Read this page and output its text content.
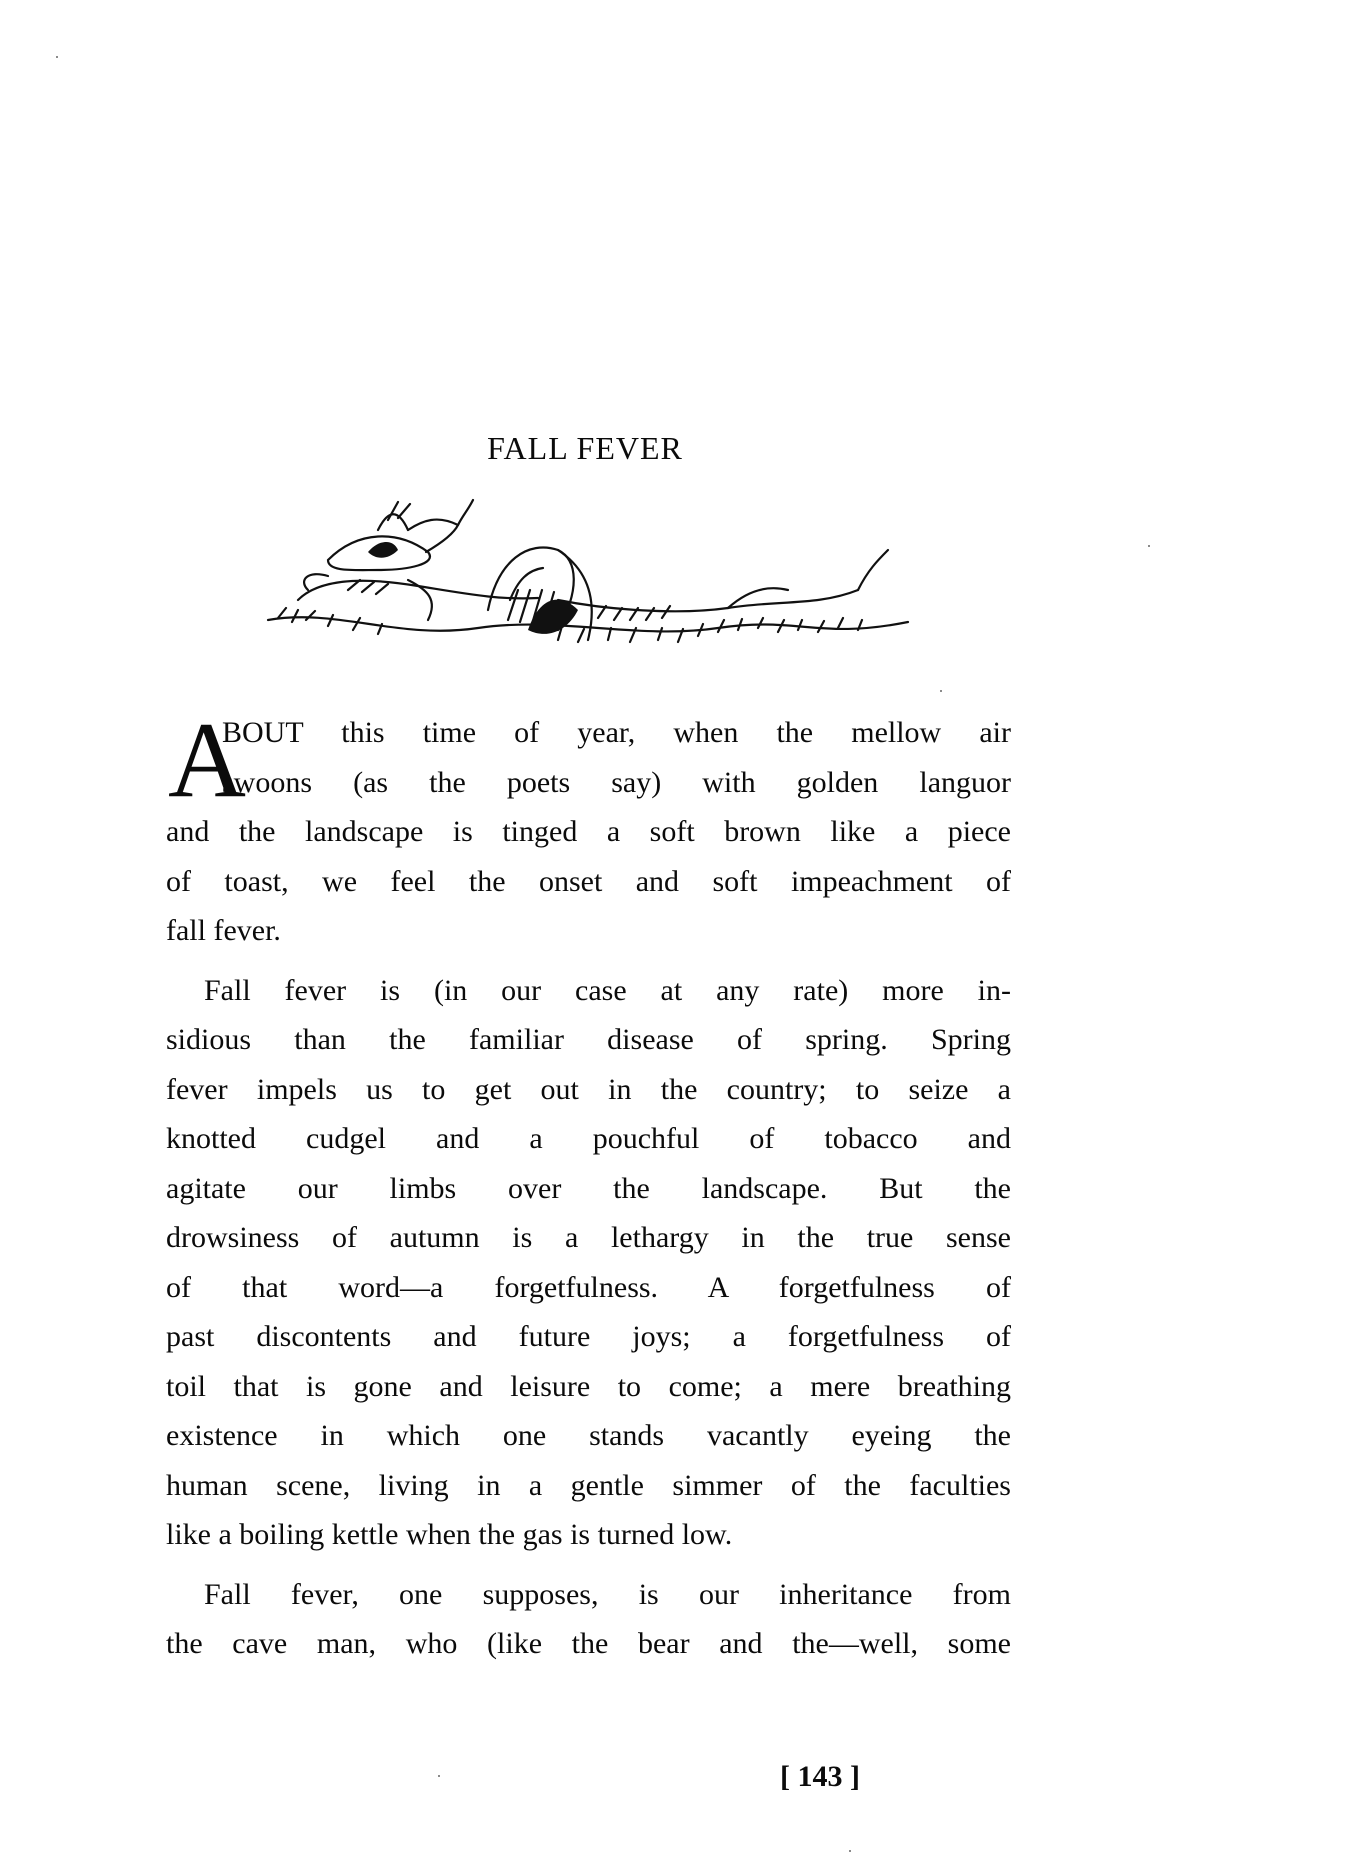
FALL FEVER
A
BOUT this time of year, when the mellow air
swoons (as the poets say) with golden languor
and the landscape is tinged a soft brown like a piece
of toast, we feel the onset and soft impeachment of
fall fever.
Fall fever is (in our case at any rate) more in-
sidious than the familiar disease of spring. Spring
fever impels us to get out in the country; to seize a
knotted cudgel and a pouchful of tobacco and
agitate our limbs over the landscape. But the
drowsiness of autumn is a lethargy in the true sense
of that word—a forgetfulness. A forgetfulness of
past discontents and future joys; a forgetfulness of
toil that is gone and leisure to come; a mere breathing
existence in which one stands vacantly eyeing the
human scene, living in a gentle simmer of the faculties
like a boiling kettle when the gas is turned low.
Fall fever, one supposes, is our inheritance from
the cave man, who (like the bear and the—well, some
[ 143 ]
